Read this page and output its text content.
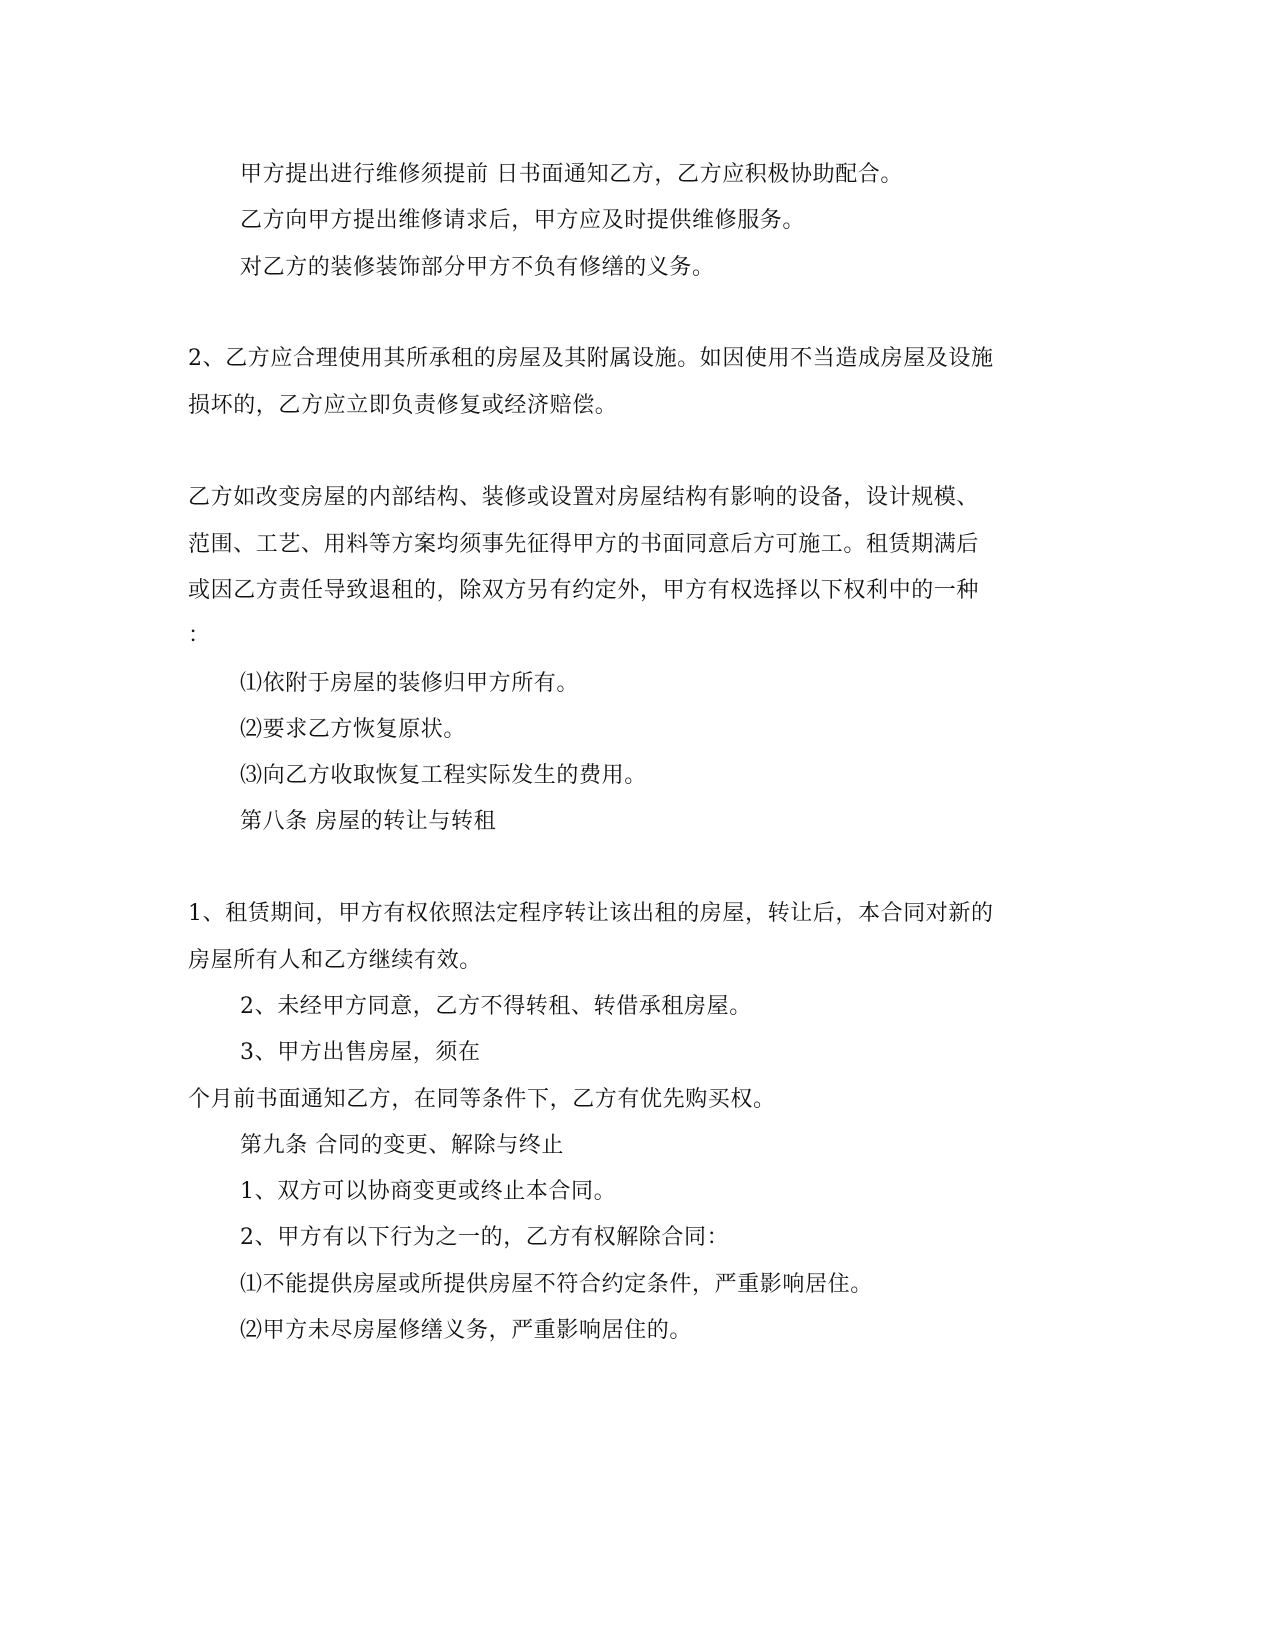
甲方提出进行维修须提前 日书面通知乙方，乙方应积极协助配合。
乙方向甲方提出维修请求后，甲方应及时提供维修服务。
对乙方的装修装饰部分甲方不负有修缮的义务。
2、乙方应合理使用其所承租的房屋及其附属设施。如因使用不当造成房屋及设施
损坏的，乙方应立即负责修复或经济赔偿。
乙方如改变房屋的内部结构、装修或设置对房屋结构有影响的设备，设计规模、
范围、工艺、用料等方案均须事先征得甲方的书面同意后方可施工。租赁期满后
或因乙方责任导致退租的，除双方另有约定外，甲方有权选择以下权利中的一种
：
⑴依附于房屋的装修归甲方所有。
⑵要求乙方恢复原状。
⑶向乙方收取恢复工程实际发生的费用。
第八条 房屋的转让与转租
1、租赁期间，甲方有权依照法定程序转让该出租的房屋，转让后，本合同对新的
房屋所有人和乙方继续有效。
2、未经甲方同意，乙方不得转租、转借承租房屋。
3、甲方出售房屋，须在
个月前书面通知乙方，在同等条件下，乙方有优先购买权。
第九条 合同的变更、解除与终止
1、双方可以协商变更或终止本合同。
2、甲方有以下行为之一的，乙方有权解除合同：
⑴不能提供房屋或所提供房屋不符合约定条件，严重影响居住。
⑵甲方未尽房屋修缮义务，严重影响居住的。
